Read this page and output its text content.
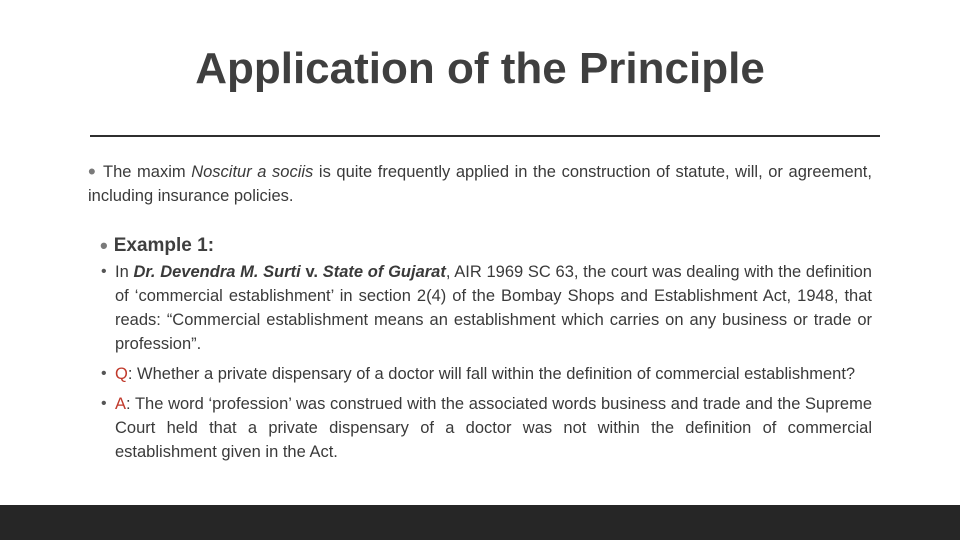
Application of the Principle

• The maxim Noscitur a sociis is quite frequently applied in the construction of statute, will, or agreement, including insurance policies.

• Example 1:
• In Dr. Devendra M. Surti v. State of Gujarat, AIR 1969 SC 63, the court was dealing with the definition of ‘commercial establishment’ in section 2(4) of the Bombay Shops and Establishment Act, 1948, that reads: “Commercial establishment means an establishment which carries on any business or trade or profession”.
• Q: Whether a private dispensary of a doctor will fall within the definition of commercial establishment?
• A: The word ‘profession’ was construed with the associated words business and trade and the Supreme Court held that a private dispensary of a doctor was not within the definition of commercial establishment given in the Act.
